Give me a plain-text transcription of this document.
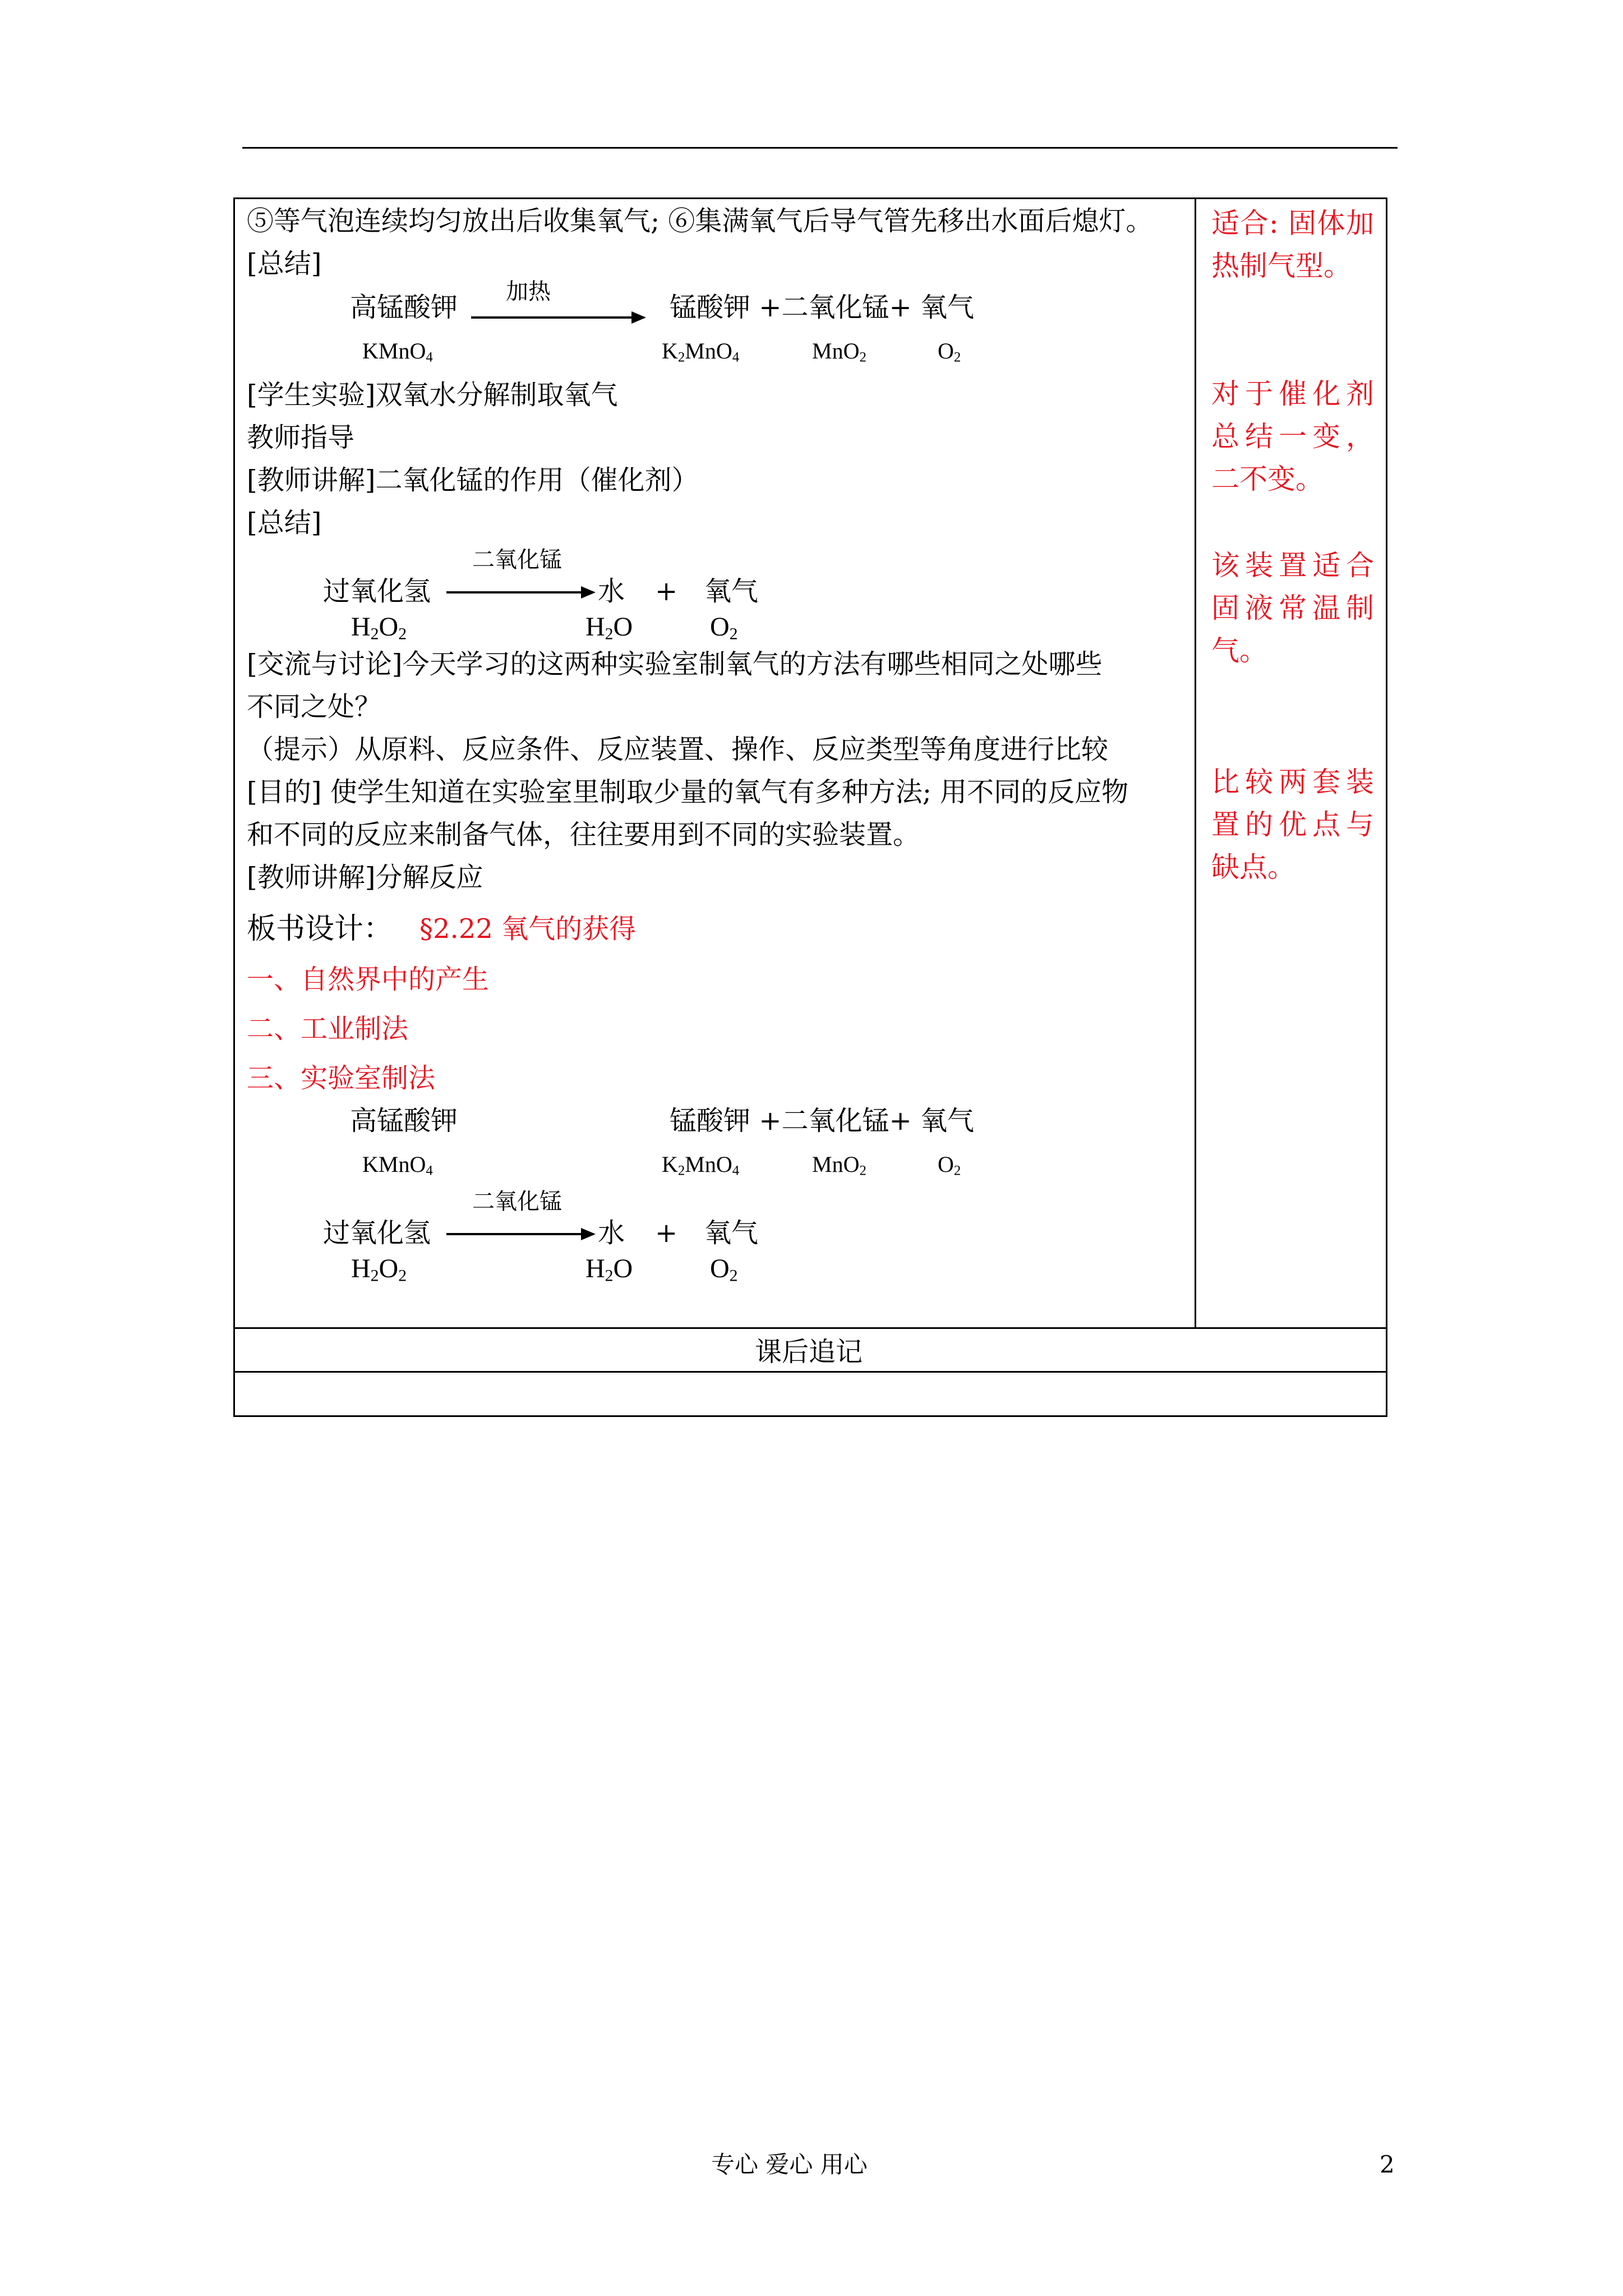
⑤等气泡连续均匀放出后收集氧气; ⑥集满氧气后导气管先移出水面后熄灯。
[总结]
加热
高锰酸钾	锰酸钾 +二氧化锰+ 氧气
KMnO$_4$	$K_2MnO_4$	MnO$_2$	$O_2$
[学生实验]双氧水分解制取氧气
教师指导
[教师讲解]二氧化锰的作用（催化剂）
[总结]
二氧化锰
过氧化氢	水 + 氧气
$H_2O_2$	$H_2O$	$O_2$
[交流与讨论]今天学习的这两种实验室制氧气的方法有哪些相同之处哪些
不同之处？
（提示）从原料、反应条件、反应装置、操作、反应类型等角度进行比较
[目的] 使学生知道在实验室里制取少量的氧气有多种方法; 用不同的反应物
和不同的反应来制备气体，往往要用到不同的实验装置。
[教师讲解]分解反应
板书设计： §2.22 氧气的获得
一、自然界中的产生
二、工业制法
三、实验室制法
高锰酸钾	锰酸钾 +二氧化锰+ 氧气
KMnO$_4$	$K_2MnO_4$	MnO$_2$	$O_2$
二氧化锰
过氧化氢	水 + 氧气
$H_2O_2$	$H_2O$	$O_2$
适合: 固体加热制气型。
对于催化剂总结一变，二不变。
该装置适合固液常温制气。
比较两套装置的优点与缺点。
课后追记
专心 爱心 用心	2
